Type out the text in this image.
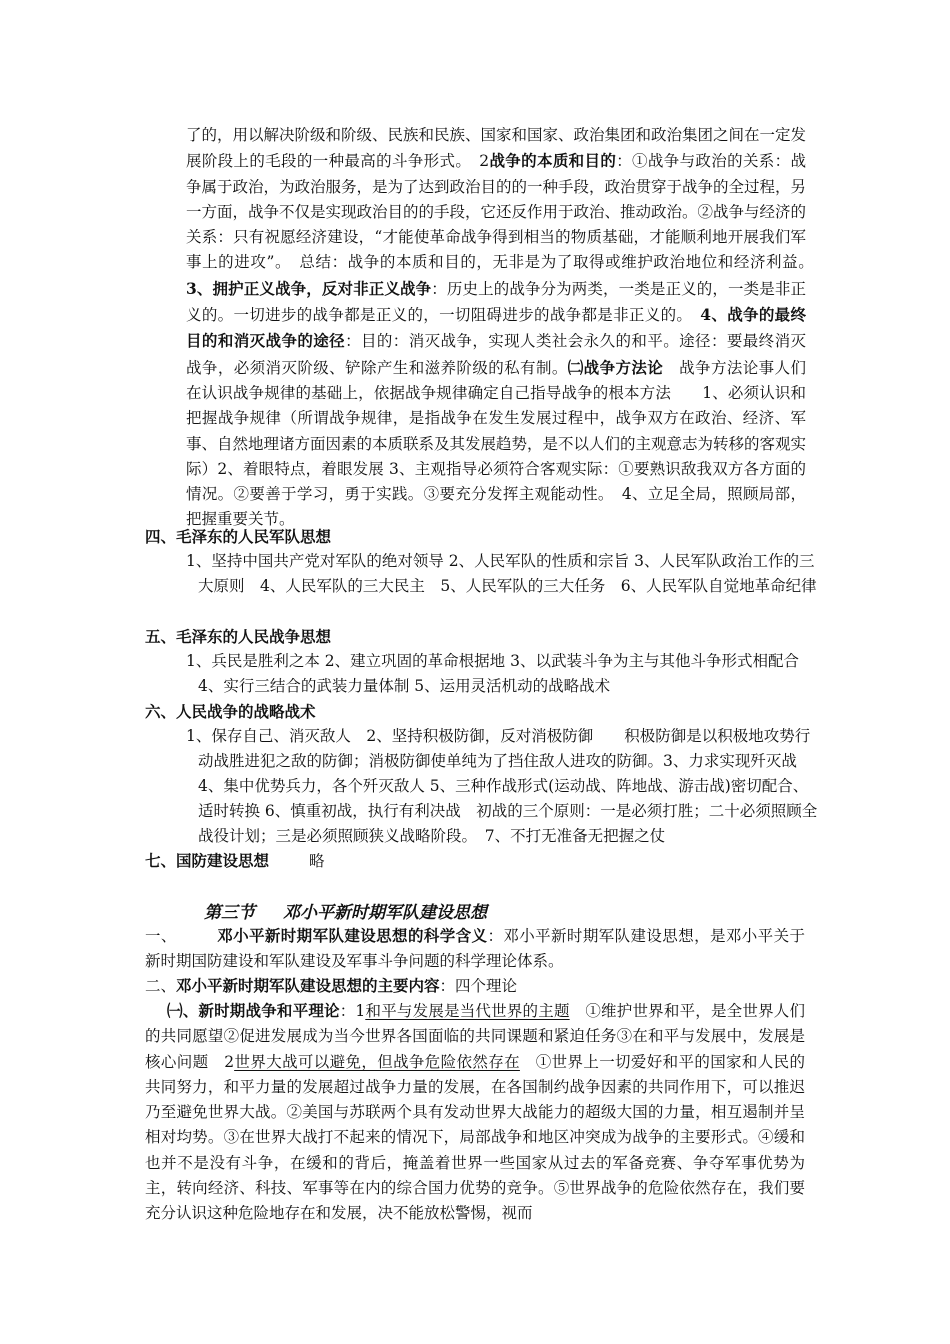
了的，用以解决阶级和阶级、民族和民族、国家和国家、政治集团和政治集团之间在一定发展阶段上的毛段的一种最高的斗争形式。　2战争的本质和目的：①战争与政治的关系：战争属于政治，为政治服务，是为了达到政治目的的一种手段，政治贯穿于战争的全过程，另一方面，战争不仅是实现政治目的的手段，它还反作用于政治、推动政治。②战争与经济的关系：只有祝愿经济建设，“才能使革命战争得到相当的物质基础，才能顺利地开展我们军事上的进攻”。　总结：战争的本质和目的，无非是为了取得或维护政治地位和经济利益。　3、拥护正义战争，反对非正义战争：历史上的战争分为两类，一类是正义的，一类是非正义的。一切进步的战争都是正义的，一切阻碍进步的战争都是非正义的。　4、战争的最终目的和消灭战争的途径：目的：消灭战争，实现人类社会永久的和平。途径：要最终消灭战争，必须消灭阶级、铲除产生和滋养阶级的私有制。㈡战争方法论　战争方法论事人们在认识战争规律的基础上，依据战争规律确定自己指导战争的根本方法　　1、必须认识和把握战争规律（所谓战争规律，是指战争在发生发展过程中，战争双方在政治、经济、军事、自然地理诸方面因素的本质联系及其发展趋势，是不以人们的主观意志为转移的客观实际）2、着眼特点，着眼发展 3、主观指导必须符合客观实际：①要熟识敌我双方各方面的情况。②要善于学习，勇于实践。③要充分发挥主观能动性。　4、立足全局，照顾局部，把握重要关节。
四、毛泽东的人民军队思想
1、坚持中国共产党对军队的绝对领导 2、人民军队的性质和宗旨 3、人民军队政治工作的三大原则　4、人民军队的三大民主　5、人民军队的三大任务　6、人民军队自觉地革命纪律
五、毛泽东的人民战争思想
1、兵民是胜利之本 2、建立巩固的革命根据地 3、以武装斗争为主与其他斗争形式相配合 4、实行三结合的武装力量体制 5、运用灵活机动的战略战术
六、人民战争的战略战术
1、保存自己、消灭敌人　2、坚持积极防御，反对消极防御　　积极防御是以积极地攻势行动战胜进犯之敌的防御；消极防御使单纯为了挡住敌人进攻的防御。3、力求实现歼灭战　4、集中优势兵力，各个歼灭敌人 5、三种作战形式(运动战、阵地战、游击战)密切配合、适时转换 6、慎重初战，执行有利决战　初战的三个原则：一是必须打胜；二十必须照顾全战役计划；三是必须照顾狭义战略阶段。　7、不打无准备无把握之仗
七、国防建设思想	略
第三节 邓小平新时期军队建设思想
一、	邓小平新时期军队建设思想的科学含义：邓小平新时期军队建设思想，是邓小平关于新时期国防建设和军队建设及军事斗争问题的科学理论体系。
二、邓小平新时期军队建设思想的主要内容：四个理论
㈠、新时期战争和平理论：1和平与发展是当代世界的主题　①维护世界和平，是全世界人们的共同愿望②促进发展成为当今世界各国面临的共同课题和紧迫任务③在和平与发展中，发展是核心问题　2世界大战可以避免，但战争危险依然存在　①世界上一切爱好和平的国家和人民的共同努力，和平力量的发展超过战争力量的发展，在各国制约战争因素的共同作用下，可以推迟乃至避免世界大战。②美国与苏联两个具有发动世界大战能力的超级大国的力量，相互遏制并呈相对均势。③在世界大战打不起来的情况下，局部战争和地区冲突成为战争的主要形式。④缓和也并不是没有斗争，在缓和的背后，掩盖着世界一些国家从过去的军备竞赛、争夺军事优势为主，转向经济、科技、军事等在内的综合国力优势的竞争。⑤世界战争的危险依然存在，我们要充分认识这种危险地存在和发展，决不能放松警惕，视而
